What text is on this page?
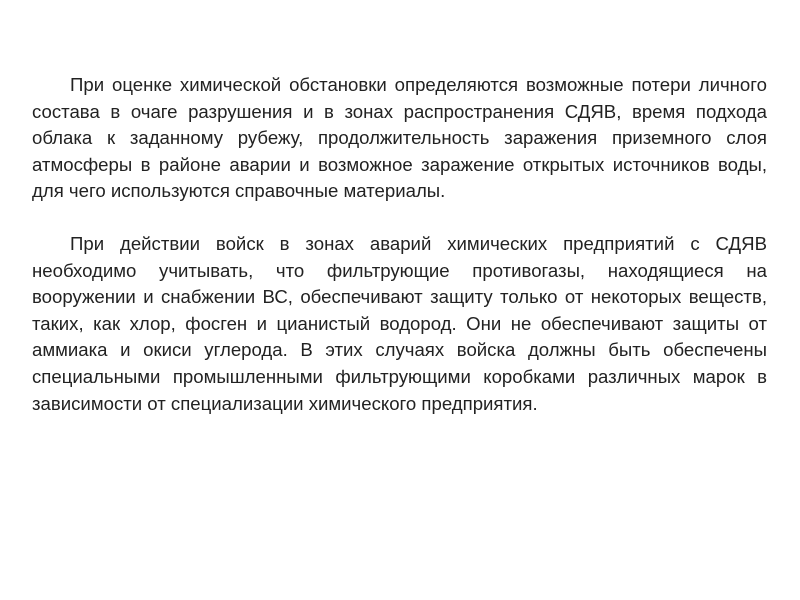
При оценке химической обстановки определяются возможные потери личного состава в очаге разрушения и в зонах распространения СДЯВ, время подхода облака к заданному рубежу, продолжительность заражения приземного слоя атмосферы в районе аварии и возможное заражение открытых источников воды, для чего используются справочные материалы.

При действии войск в зонах аварий химических предприятий с СДЯВ необходимо учитывать, что фильтрующие противогазы, находящиеся на вооружении и снабжении ВС, обеспечивают защиту только от некоторых веществ, таких, как хлор, фосген и цианистый водород. Они не обеспечивают защиты от аммиака и окиси углерода. В этих случаях войска должны быть обеспечены специальными промышленными фильтрующими коробками различных марок в зависимости от специализации химического предприятия.
